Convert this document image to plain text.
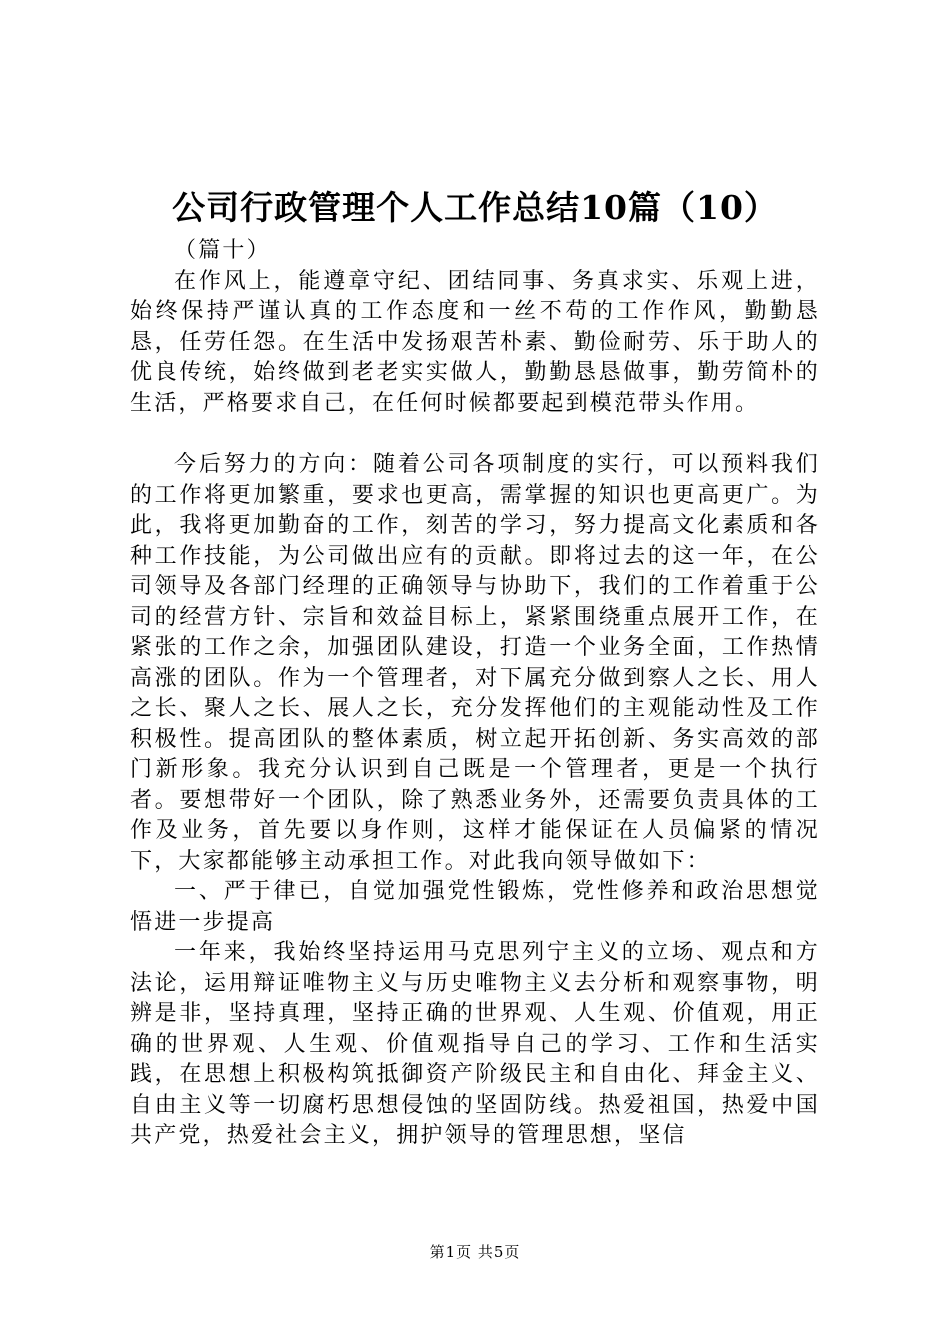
公司行政管理个人工作总结10篇（10）

（篇十）

在作风上，能遵章守纪、团结同事、务真求实、乐观上进，始终保持严谨认真的工作态度和一丝不苟的工作作风，勤勤恳恳，任劳任怨。在生活中发扬艰苦朴素、勤俭耐劳、乐于助人的优良传统，始终做到老老实实做人，勤勤恳恳做事，勤劳简朴的生活，严格要求自己，在任何时候都要起到模范带头作用。

今后努力的方向：随着公司各项制度的实行，可以预料我们的工作将更加繁重，要求也更高，需掌握的知识也更高更广。为此，我将更加勤奋的工作，刻苦的学习，努力提高文化素质和各种工作技能，为公司做出应有的贡献。即将过去的这一年，在公司领导及各部门经理的正确领导与协助下，我们的工作着重于公司的经营方针、宗旨和效益目标上，紧紧围绕重点展开工作，在紧张的工作之余，加强团队建设，打造一个业务全面，工作热情高涨的团队。作为一个管理者，对下属充分做到察人之长、用人之长、聚人之长、展人之长，充分发挥他们的主观能动性及工作积极性。提高团队的整体素质，树立起开拓创新、务实高效的部门新形象。我充分认识到自己既是一个管理者，更是一个执行者。要想带好一个团队，除了熟悉业务外，还需要负责具体的工作及业务，首先要以身作则，这样才能保证在人员偏紧的情况下，大家都能够主动承担工作。对此我向领导做如下：

一、严于律已，自觉加强党性锻炼，党性修养和政治思想觉悟进一步提高

一年来，我始终坚持运用马克思列宁主义的立场、观点和方法论，运用辩证唯物主义与历史唯物主义去分析和观察事物，明辨是非，坚持真理，坚持正确的世界观、人生观、价值观，用正确的世界观、人生观、价值观指导自己的学习、工作和生活实践，在思想上积极构筑抵御资产阶级民主和自由化、拜金主义、自由主义等一切腐朽思想侵蚀的坚固防线。热爱祖国，热爱中国共产党，热爱社会主义，拥护领导的管理思想，坚信

第1页 共5页
